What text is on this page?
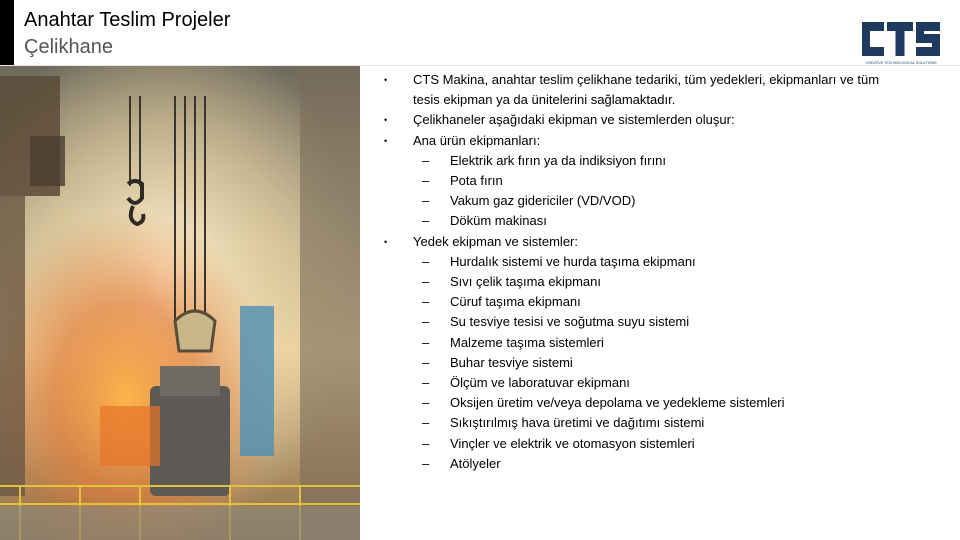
Anahtar Teslim Projeler
Çelikhane
CREATIVE TECHNOLOGICAL SOLUTIONS
• CTS Makina, anahtar teslim çelikhane tedariki, tüm yedekleri, ekipmanları ve tüm tesis ekipman ya da ünitelerini sağlamaktadır.
• Çelikhaneler aşağıdaki ekipman ve sistemlerden oluşur:
• Ana ürün ekipmanları:
– Elektrik ark fırın ya da indiksiyon fırını
– Pota fırın
– Vakum gaz gidericiler (VD/VOD)
– Döküm makinası
• Yedek ekipman ve sistemler:
– Hurdalık sistemi ve hurda taşıma ekipmanı
– Sıvı çelik taşıma ekipmanı
– Cüruf taşıma ekipmanı
– Su tesviye tesisi ve soğutma suyu sistemi
– Malzeme taşıma sistemleri
– Buhar tesviye sistemi
– Ölçüm ve laboratuvar ekipmanı
– Oksijen üretim ve/veya depolama ve yedekleme sistemleri
– Sıkıştırılmış hava üretimi ve dağıtımı sistemi
– Vinçler ve elektrik ve otomasyon sistemleri
– Atölyeler
